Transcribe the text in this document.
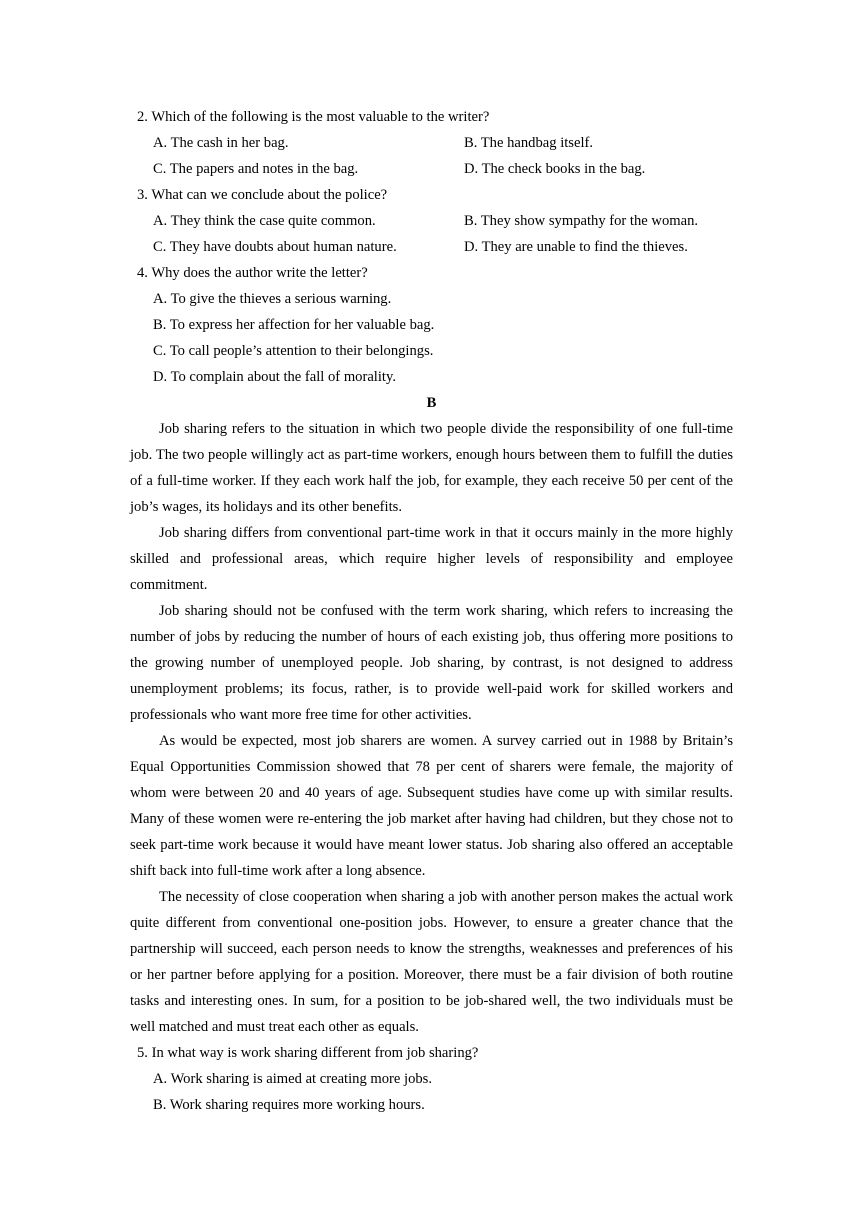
2. Which of the following is the most valuable to the writer?
A. The cash in her bag.	B. The handbag itself.
C. The papers and notes in the bag.	D. The check books in the bag.
3. What can we conclude about the police?
A. They think the case quite common.	B. They show sympathy for the woman.
C. They have doubts about human nature.	D. They are unable to find the thieves.
4. Why does the author write the letter?
A. To give the thieves a serious warning.
B. To express her affection for her valuable bag.
C. To call people’s attention to their belongings.
D. To complain about the fall of morality.
B

Job sharing refers to the situation in which two people divide the responsibility of one full-time job. The two people willingly act as part-time workers, enough hours between them to fulfill the duties of a full-time worker. If they each work half the job, for example, they each receive 50 per cent of the job’s wages, its holidays and its other benefits.

Job sharing differs from conventional part-time work in that it occurs mainly in the more highly skilled and professional areas, which require higher levels of responsibility and employee commitment.

Job sharing should not be confused with the term work sharing, which refers to increasing the number of jobs by reducing the number of hours of each existing job, thus offering more positions to the growing number of unemployed people. Job sharing, by contrast, is not designed to address unemployment problems; its focus, rather, is to provide well-paid work for skilled workers and professionals who want more free time for other activities.

As would be expected, most job sharers are women. A survey carried out in 1988 by Britain’s Equal Opportunities Commission showed that 78 per cent of sharers were female, the majority of whom were between 20 and 40 years of age. Subsequent studies have come up with similar results. Many of these women were re-entering the job market after having had children, but they chose not to seek part-time work because it would have meant lower status. Job sharing also offered an acceptable shift back into full-time work after a long absence.

The necessity of close cooperation when sharing a job with another person makes the actual work quite different from conventional one-position jobs. However, to ensure a greater chance that the partnership will succeed, each person needs to know the strengths, weaknesses and preferences of his or her partner before applying for a position. Moreover, there must be a fair division of both routine tasks and interesting ones. In sum, for a position to be job-shared well, the two individuals must be well matched and must treat each other as equals.

5. In what way is work sharing different from job sharing?
A. Work sharing is aimed at creating more jobs.
B. Work sharing requires more working hours.
